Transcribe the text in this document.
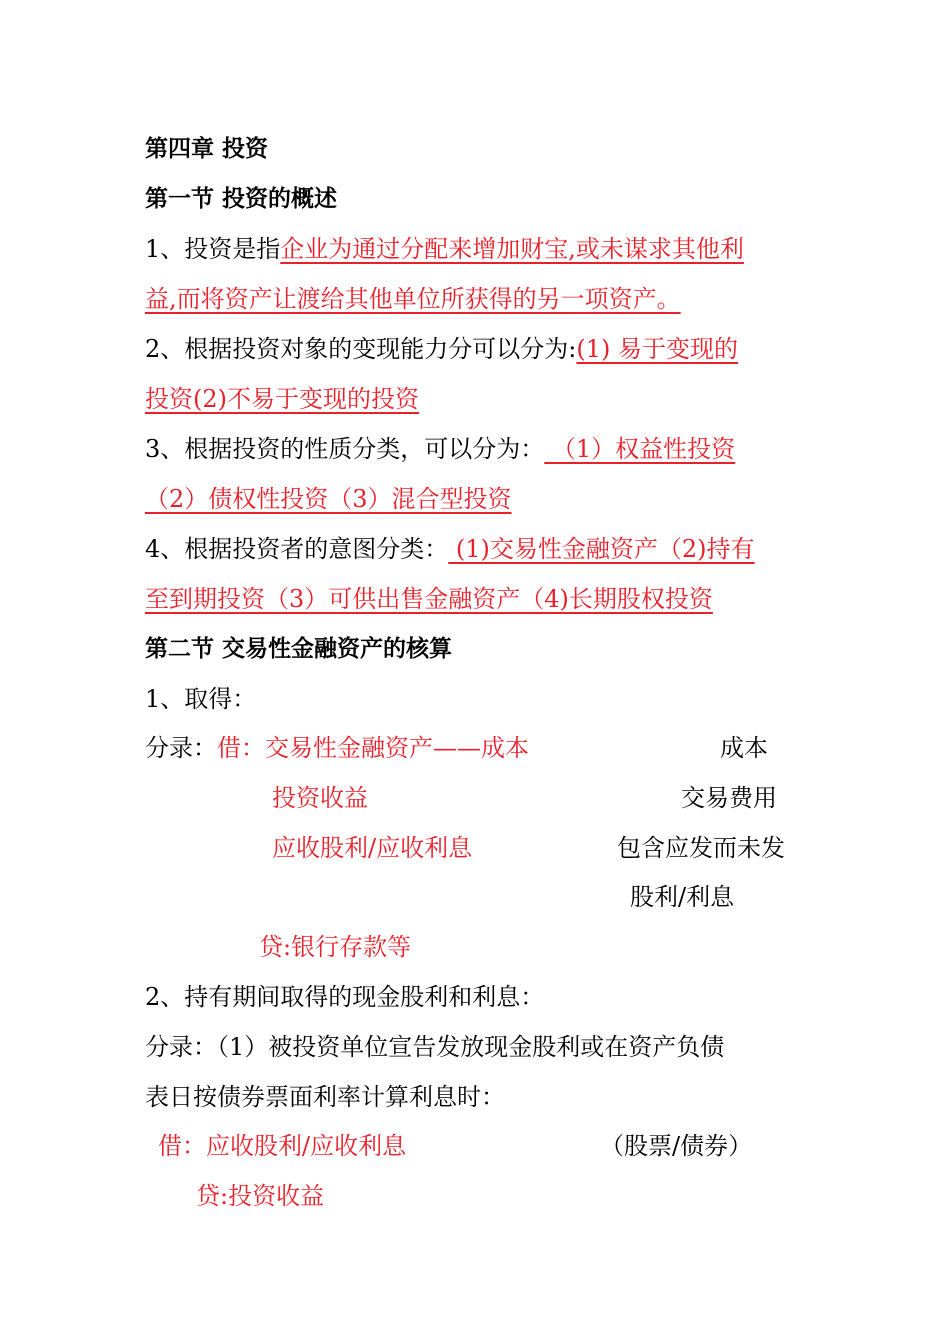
第四章 投资
第一节 投资的概述
1、投资是指企业为通过分配来增加财宝,或未谋求其他利
益,而将资产让渡给其他单位所获得的另一项资产。
2、根据投资对象的变现能力分可以分为:(1) 易于变现的
投资(2)不易于变现的投资
3、根据投资的性质分类，可以分为： （1）权益性投资
（2）债权性投资（3）混合型投资
4、根据投资者的意图分类： (1)交易性金融资产（2)持有
至到期投资（3）可供出售金融资产（4)长期股权投资
第二节 交易性金融资产的核算
1、取得：
分录：借：交易性金融资产——成本	成本
投资收益	交易费用
应收股利/应收利息	包含应发而未发
股利/利息
贷:银行存款等
2、持有期间取得的现金股利和利息：
分录：（1）被投资单位宣告发放现金股利或在资产负债
表日按债券票面利率计算利息时：
借：应收股利/应收利息	（股票/债券）
贷:投资收益
